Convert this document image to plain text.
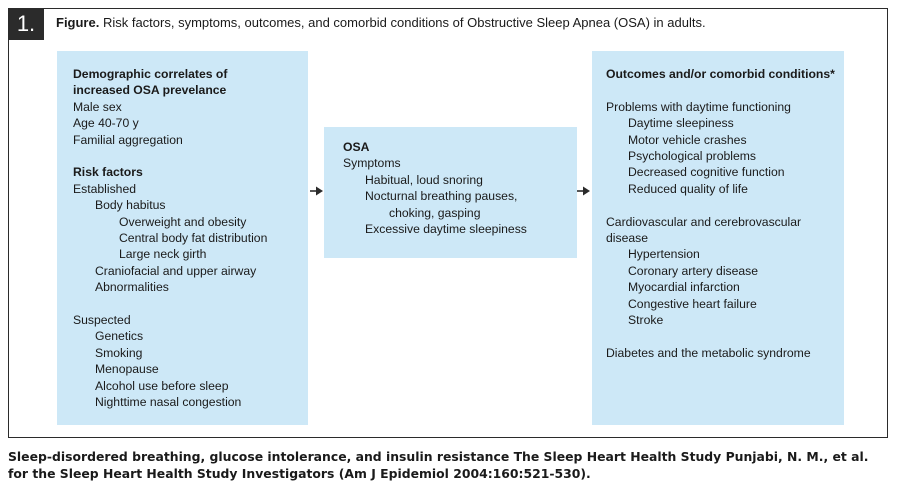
1.	Figure. Risk factors, symptoms, outcomes, and comorbid conditions of Obstructive Sleep Apnea (OSA) in adults.
Demographic correlates of
increased OSA prevelance
Male sex
Age 40-70 y
Familial aggregation
Risk factors
Established
Body habitus
Overweight and obesity
Central body fat distribution
Large neck girth
Craniofacial and upper airway
Abnormalities
Suspected
Genetics
Smoking
Menopause
Alcohol use before sleep
Nighttime nasal congestion
OSA
Symptoms
Habitual, loud snoring
Nocturnal breathing pauses,
choking, gasping
Excessive daytime sleepiness
Outcomes and/or comorbid conditions*
Problems with daytime functioning
Daytime sleepiness
Motor vehicle crashes
Psychological problems
Decreased cognitive function
Reduced quality of life
Cardiovascular and cerebrovascular
disease
Hypertension
Coronary artery disease
Myocardial infarction
Congestive heart failure
Stroke
Diabetes and the metabolic syndrome
Sleep-disordered breathing, glucose intolerance, and insulin resistance The Sleep Heart Health Study Punjabi, N. M., et al.
for the Sleep Heart Health Study Investigators (Am J Epidemiol 2004:160:521-530).
